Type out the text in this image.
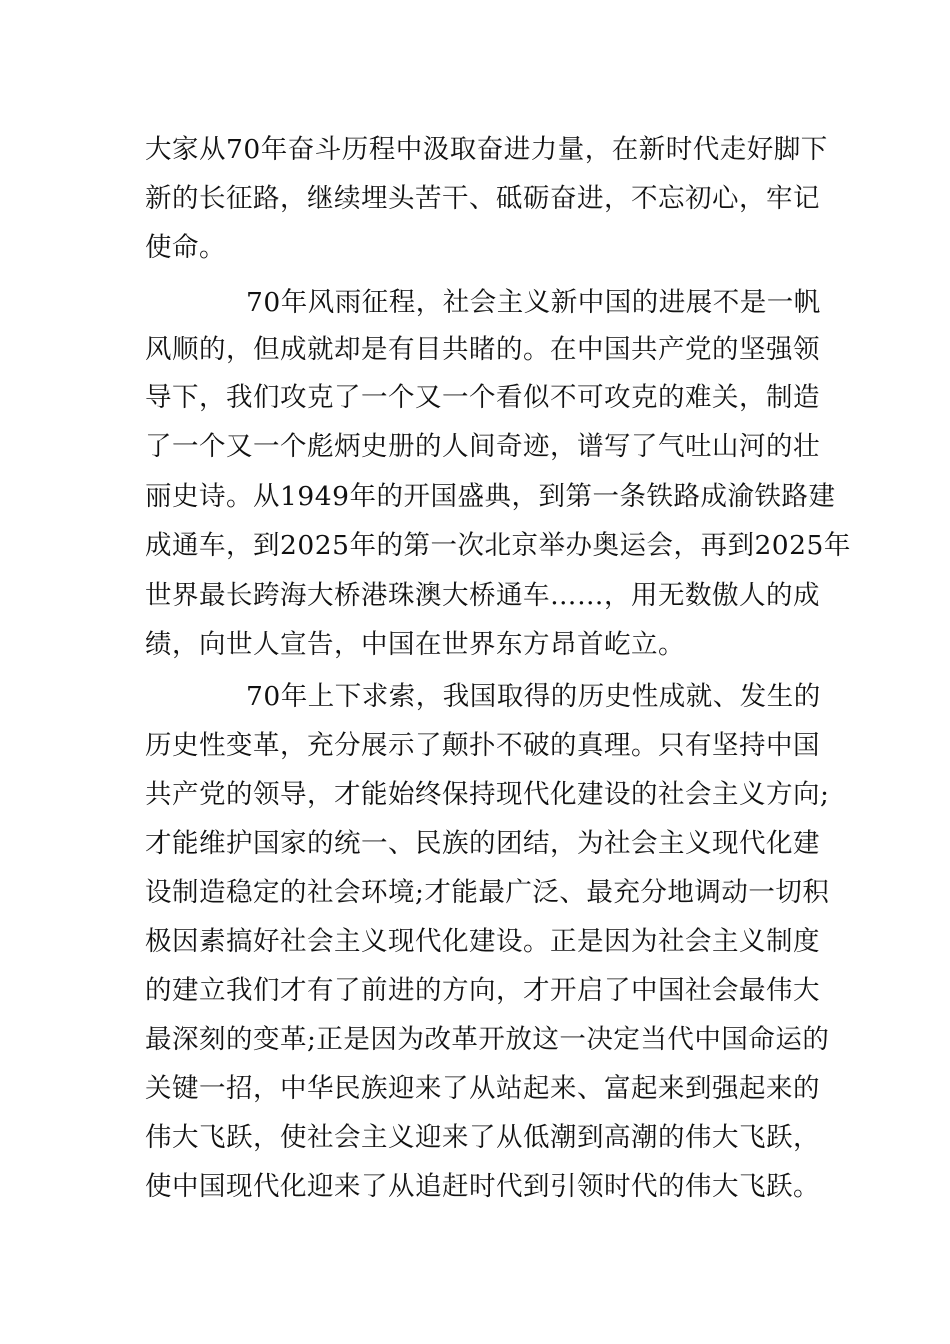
大家从70年奋斗历程中汲取奋进力量，在新时代走好脚下
新的长征路，继续埋头苦干、砥砺奋进，不忘初心，牢记
使命。
70年风雨征程，社会主义新中国的进展不是一帆
风顺的，但成就却是有目共睹的。在中国共产党的坚强领
导下，我们攻克了一个又一个看似不可攻克的难关，制造
了一个又一个彪炳史册的人间奇迹，谱写了气吐山河的壮
丽史诗。从1949年的开国盛典，到第一条铁路成渝铁路建
成通车，到2025年的第一次北京举办奥运会，再到2025年
世界最长跨海大桥港珠澳大桥通车……，用无数傲人的成
绩，向世人宣告，中国在世界东方昂首屹立。
70年上下求索，我国取得的历史性成就、发生的
历史性变革，充分展示了颠扑不破的真理。只有坚持中国
共产党的领导，才能始终保持现代化建设的社会主义方向;
才能维护国家的统一、民族的团结，为社会主义现代化建
设制造稳定的社会环境;才能最广泛、最充分地调动一切积
极因素搞好社会主义现代化建设。正是因为社会主义制度
的建立我们才有了前进的方向，才开启了中国社会最伟大
最深刻的变革;正是因为改革开放这一决定当代中国命运的
关键一招，中华民族迎来了从站起来、富起来到强起来的
伟大飞跃，使社会主义迎来了从低潮到高潮的伟大飞跃，
使中国现代化迎来了从追赶时代到引领时代的伟大飞跃。
